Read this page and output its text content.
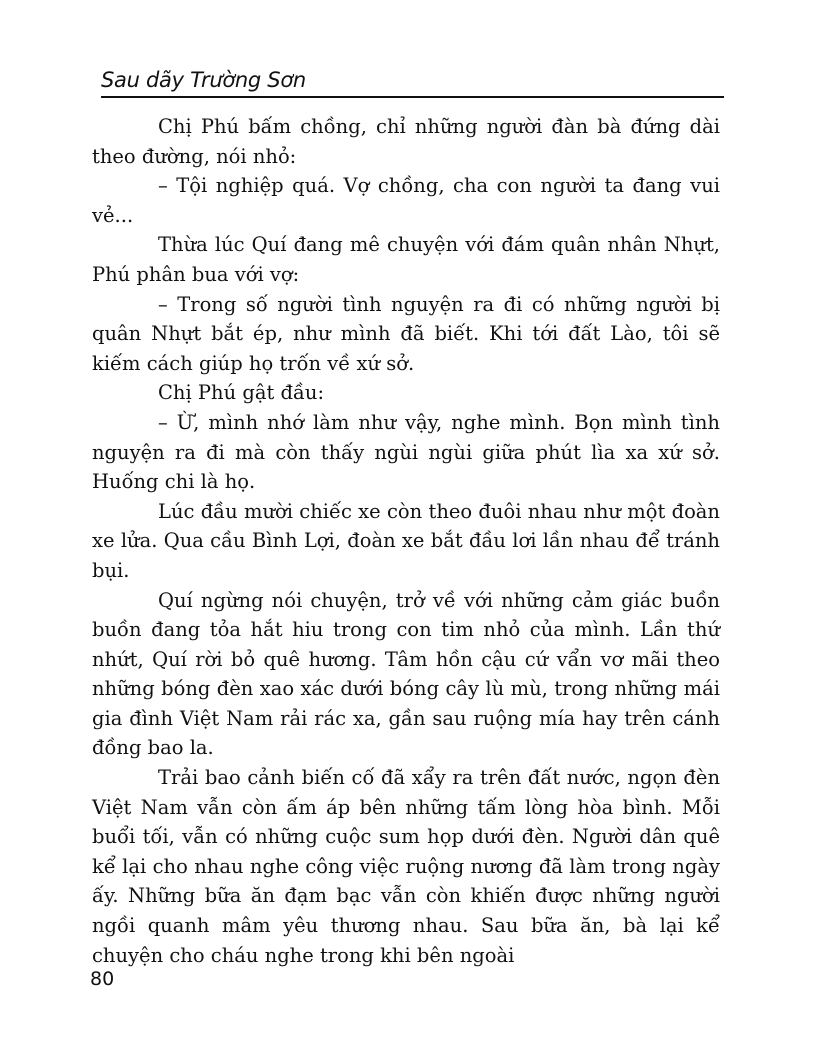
Sau dãy Trường Sơn

Chị Phú bấm chồng, chỉ những người đàn bà đứng dài theo đường, nói nhỏ:

– Tội nghiệp quá. Vợ chồng, cha con người ta đang vui vẻ...

Thừa lúc Quí đang mê chuyện với đám quân nhân Nhựt, Phú phân bua với vợ:

– Trong số người tình nguyện ra đi có những người bị quân Nhựt bắt ép, như mình đã biết. Khi tới đất Lào, tôi sẽ kiếm cách giúp họ trốn về xứ sở.

Chị Phú gật đầu:

– Ừ, mình nhớ làm như vậy, nghe mình. Bọn mình tình nguyện ra đi mà còn thấy ngùi ngùi giữa phút lìa xa xứ sở. Huống chi là họ.

Lúc đầu mười chiếc xe còn theo đuôi nhau như một đoàn xe lửa. Qua cầu Bình Lợi, đoàn xe bắt đầu lơi lần nhau để tránh bụi.

Quí ngừng nói chuyện, trở về với những cảm giác buồn buồn đang tỏa hắt hiu trong con tim nhỏ của mình. Lần thứ nhứt, Quí rời bỏ quê hương. Tâm hồn cậu cứ vẩn vơ mãi theo những bóng đèn xao xác dưới bóng cây lù mù, trong những mái gia đình Việt Nam rải rác xa, gần sau ruộng mía hay trên cánh đồng bao la.

Trải bao cảnh biến cố đã xẩy ra trên đất nước, ngọn đèn Việt Nam vẫn còn ấm áp bên những tấm lòng hòa bình. Mỗi buổi tối, vẫn có những cuộc sum họp dưới đèn. Người dân quê kể lại cho nhau nghe công việc ruộng nương đã làm trong ngày ấy. Những bữa ăn đạm bạc vẫn còn khiến được những người ngồi quanh mâm yêu thương nhau. Sau bữa ăn, bà lại kể chuyện cho cháu nghe trong khi bên ngoài

80
